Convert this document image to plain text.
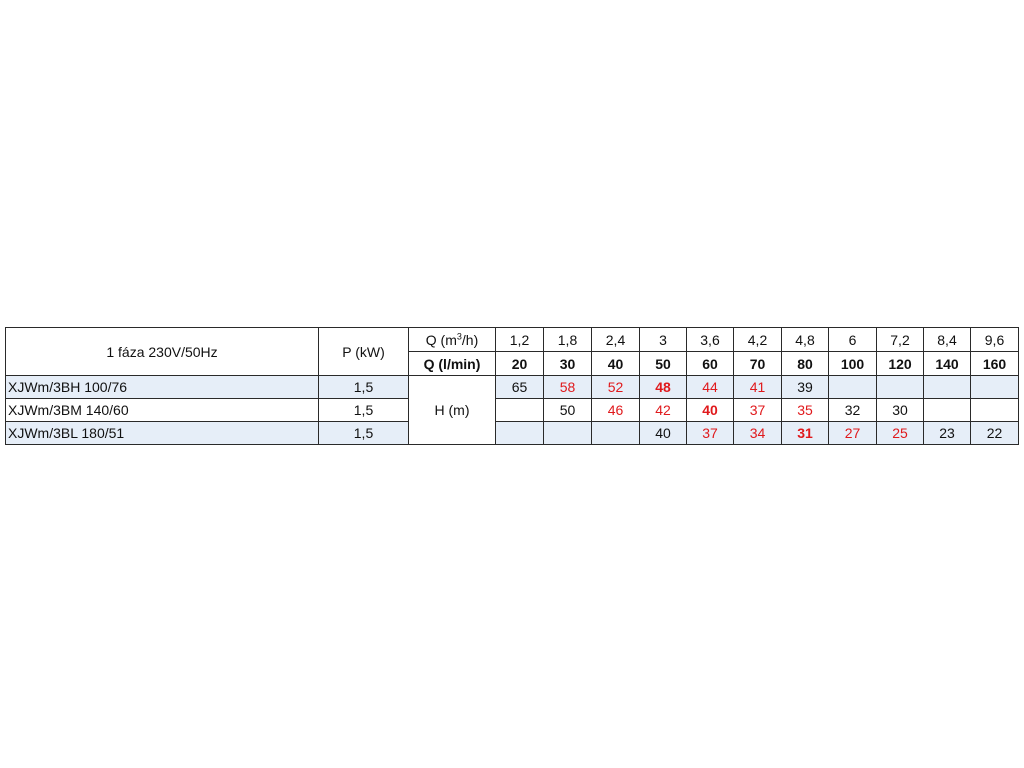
1 fáza 230V/50Hz	P (kW)	Q $(m^3/h)$	1,2	1,8	2,4	3	3,6	4,2	4,8	6	7,2	8,4	9,6
		Q (l/min)	20	30	40	50	60	70	80	100	120	140	160
XJWm/3BH 100/76	1,5	H (m)	65	58	52	48	44	41	39				
XJWm/3BM 140/60	1,5			50	46	42	40	37	35	32	30		
XJWm/3BL 180/51	1,5					40	37	34	31	27	25	23	22
